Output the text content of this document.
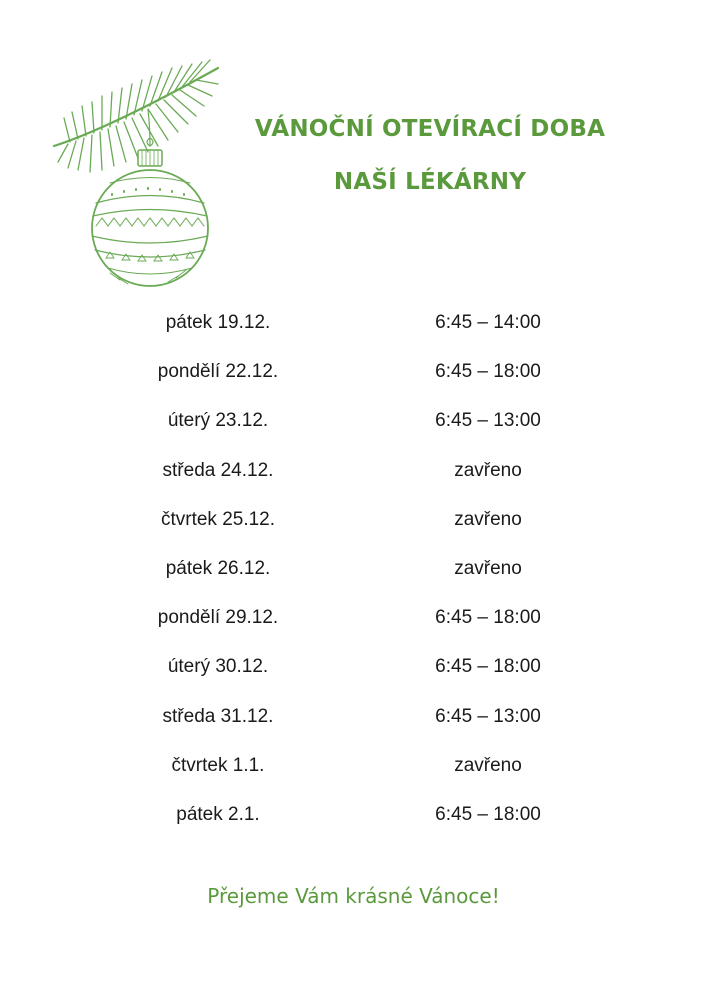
VÁNOČNÍ OTEVÍRACÍ DOBA
NAŠÍ LÉKÁRNY
pátek 19.12.	6:45 – 14:00
pondělí 22.12.	6:45 – 18:00
úterý 23.12.	6:45 – 13:00
středa 24.12.	zavřeno
čtvrtek 25.12.	zavřeno
pátek 26.12.	zavřeno
pondělí 29.12.	6:45 – 18:00
úterý 30.12.	6:45 – 18:00
středa 31.12.	6:45 – 13:00
čtvrtek 1.1.	zavřeno
pátek 2.1.	6:45 – 18:00

Přejeme Vám krásné Vánoce!
